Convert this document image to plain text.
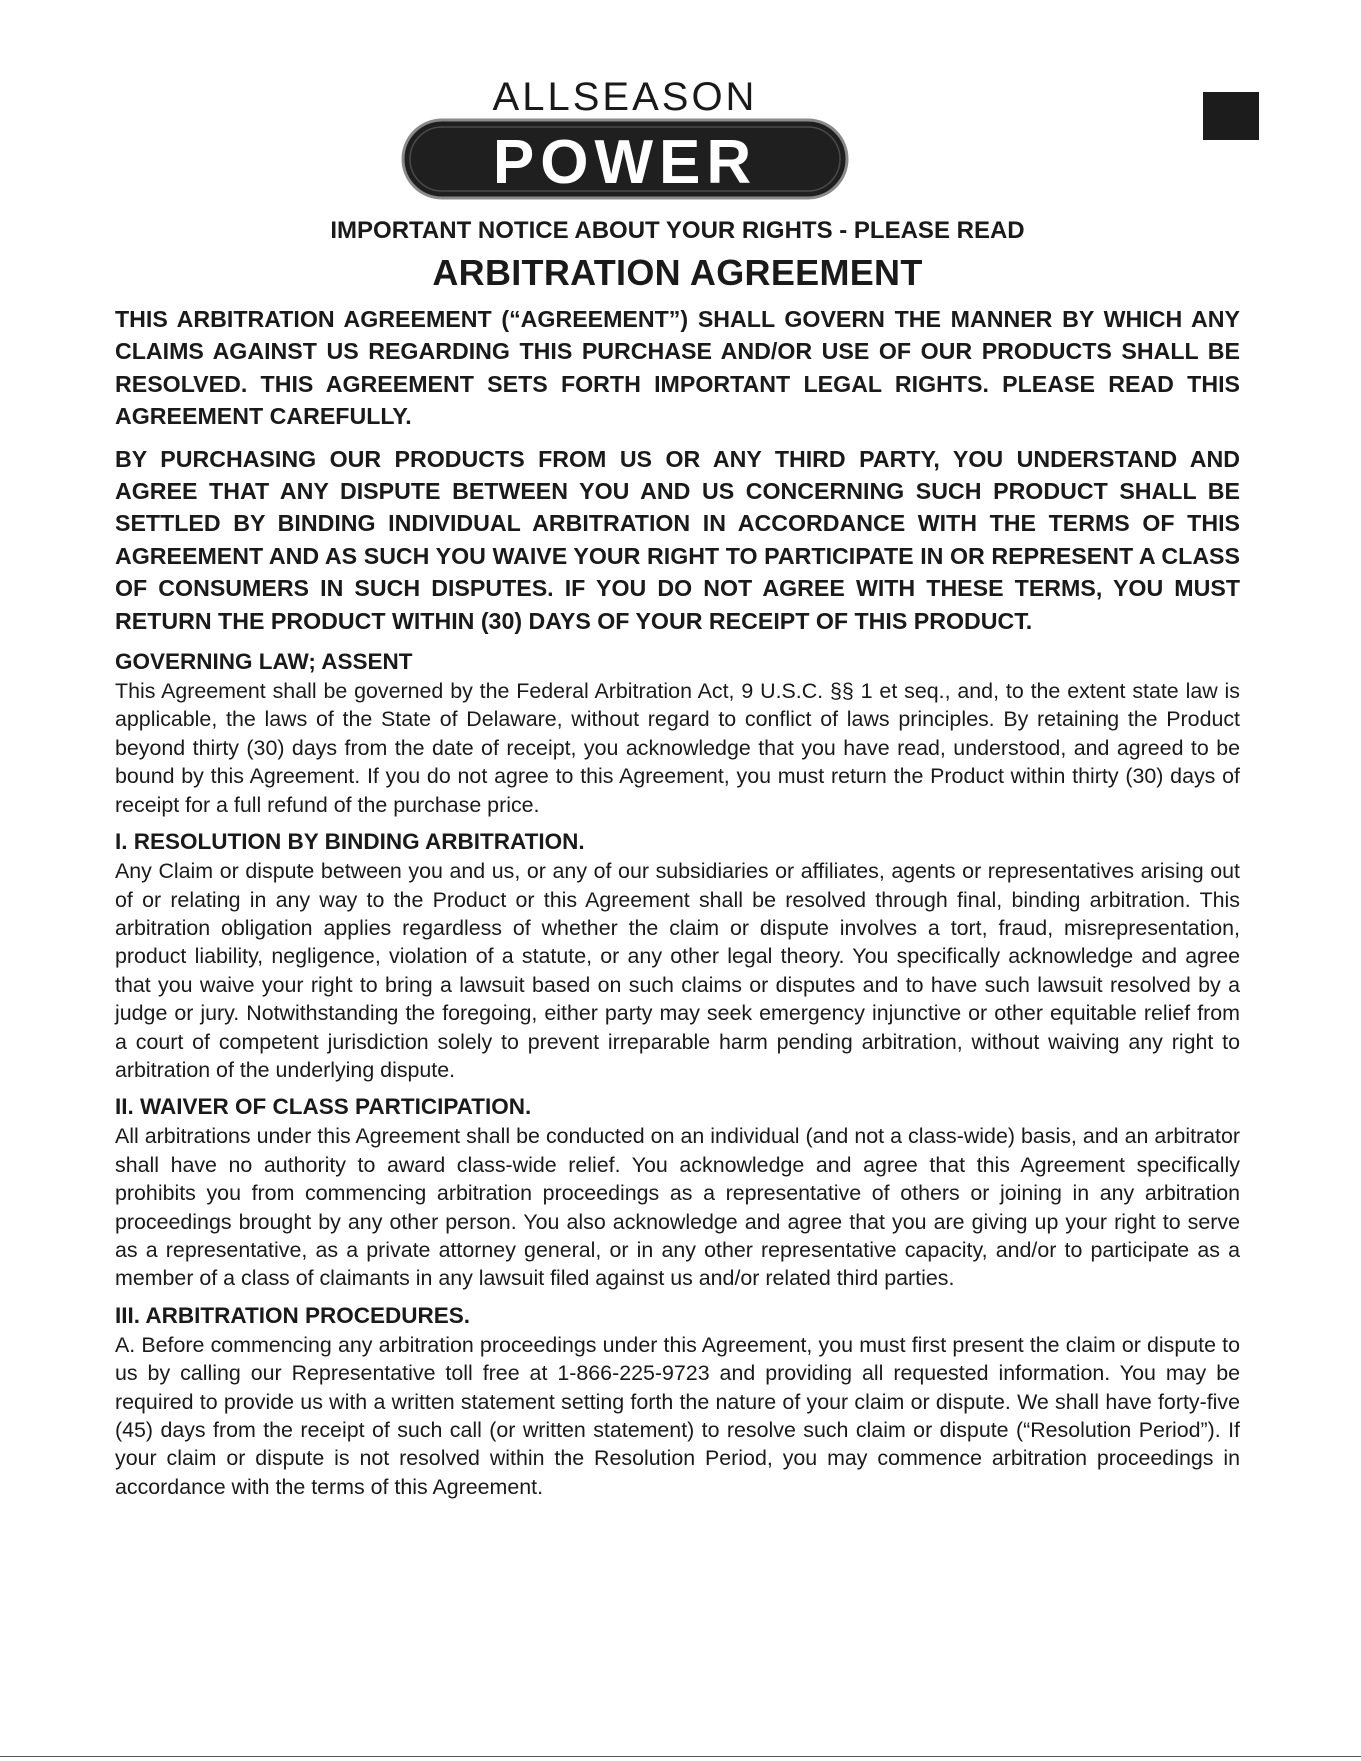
ALLSEASON
POWER

IMPORTANT NOTICE ABOUT YOUR RIGHTS - PLEASE READ

ARBITRATION AGREEMENT

THIS ARBITRATION AGREEMENT (“AGREEMENT”) SHALL GOVERN THE MANNER BY WHICH ANY CLAIMS AGAINST US REGARDING THIS PURCHASE AND/OR USE OF OUR PRODUCTS SHALL BE RESOLVED. THIS AGREEMENT SETS FORTH IMPORTANT LEGAL RIGHTS. PLEASE READ THIS AGREEMENT CAREFULLY.

BY PURCHASING OUR PRODUCTS FROM US OR ANY THIRD PARTY, YOU UNDERSTAND AND AGREE THAT ANY DISPUTE BETWEEN YOU AND US CONCERNING SUCH PRODUCT SHALL BE SETTLED BY BINDING INDIVIDUAL ARBITRATION IN ACCORDANCE WITH THE TERMS OF THIS AGREEMENT AND AS SUCH YOU WAIVE YOUR RIGHT TO PARTICIPATE IN OR REPRESENT A CLASS OF CONSUMERS IN SUCH DISPUTES. IF YOU DO NOT AGREE WITH THESE TERMS, YOU MUST RETURN THE PRODUCT WITHIN (30) DAYS OF YOUR RECEIPT OF THIS PRODUCT.

GOVERNING LAW; ASSENT

This Agreement shall be governed by the Federal Arbitration Act, 9 U.S.C. §§ 1 et seq., and, to the extent state law is applicable, the laws of the State of Delaware, without regard to conflict of laws principles. By retaining the Product beyond thirty (30) days from the date of receipt, you acknowledge that you have read, understood, and agreed to be bound by this Agreement. If you do not agree to this Agreement, you must return the Product within thirty (30) days of receipt for a full refund of the purchase price.

I. RESOLUTION BY BINDING ARBITRATION.

Any Claim or dispute between you and us, or any of our subsidiaries or affiliates, agents or representatives arising out of or relating in any way to the Product or this Agreement shall be resolved through final, binding arbitration. This arbitration obligation applies regardless of whether the claim or dispute involves a tort, fraud, misrepresentation, product liability, negligence, violation of a statute, or any other legal theory. You specifically acknowledge and agree that you waive your right to bring a lawsuit based on such claims or disputes and to have such lawsuit resolved by a judge or jury. Notwithstanding the foregoing, either party may seek emergency injunctive or other equitable relief from a court of competent jurisdiction solely to prevent irreparable harm pending arbitration, without waiving any right to arbitration of the underlying dispute.

II. WAIVER OF CLASS PARTICIPATION.

All arbitrations under this Agreement shall be conducted on an individual (and not a class-wide) basis, and an arbitrator shall have no authority to award class-wide relief. You acknowledge and agree that this Agreement specifically prohibits you from commencing arbitration proceedings as a representative of others or joining in any arbitration proceedings brought by any other person. You also acknowledge and agree that you are giving up your right to serve as a representative, as a private attorney general, or in any other representative capacity, and/or to participate as a member of a class of claimants in any lawsuit filed against us and/or related third parties.

III. ARBITRATION PROCEDURES.

A. Before commencing any arbitration proceedings under this Agreement, you must first present the claim or dispute to us by calling our Representative toll free at 1-866-225-9723 and providing all requested information. You may be required to provide us with a written statement setting forth the nature of your claim or dispute. We shall have forty-five (45) days from the receipt of such call (or written statement) to resolve such claim or dispute (“Resolution Period”). If your claim or dispute is not resolved within the Resolution Period, you may commence arbitration proceedings in accordance with the terms of this Agreement.
